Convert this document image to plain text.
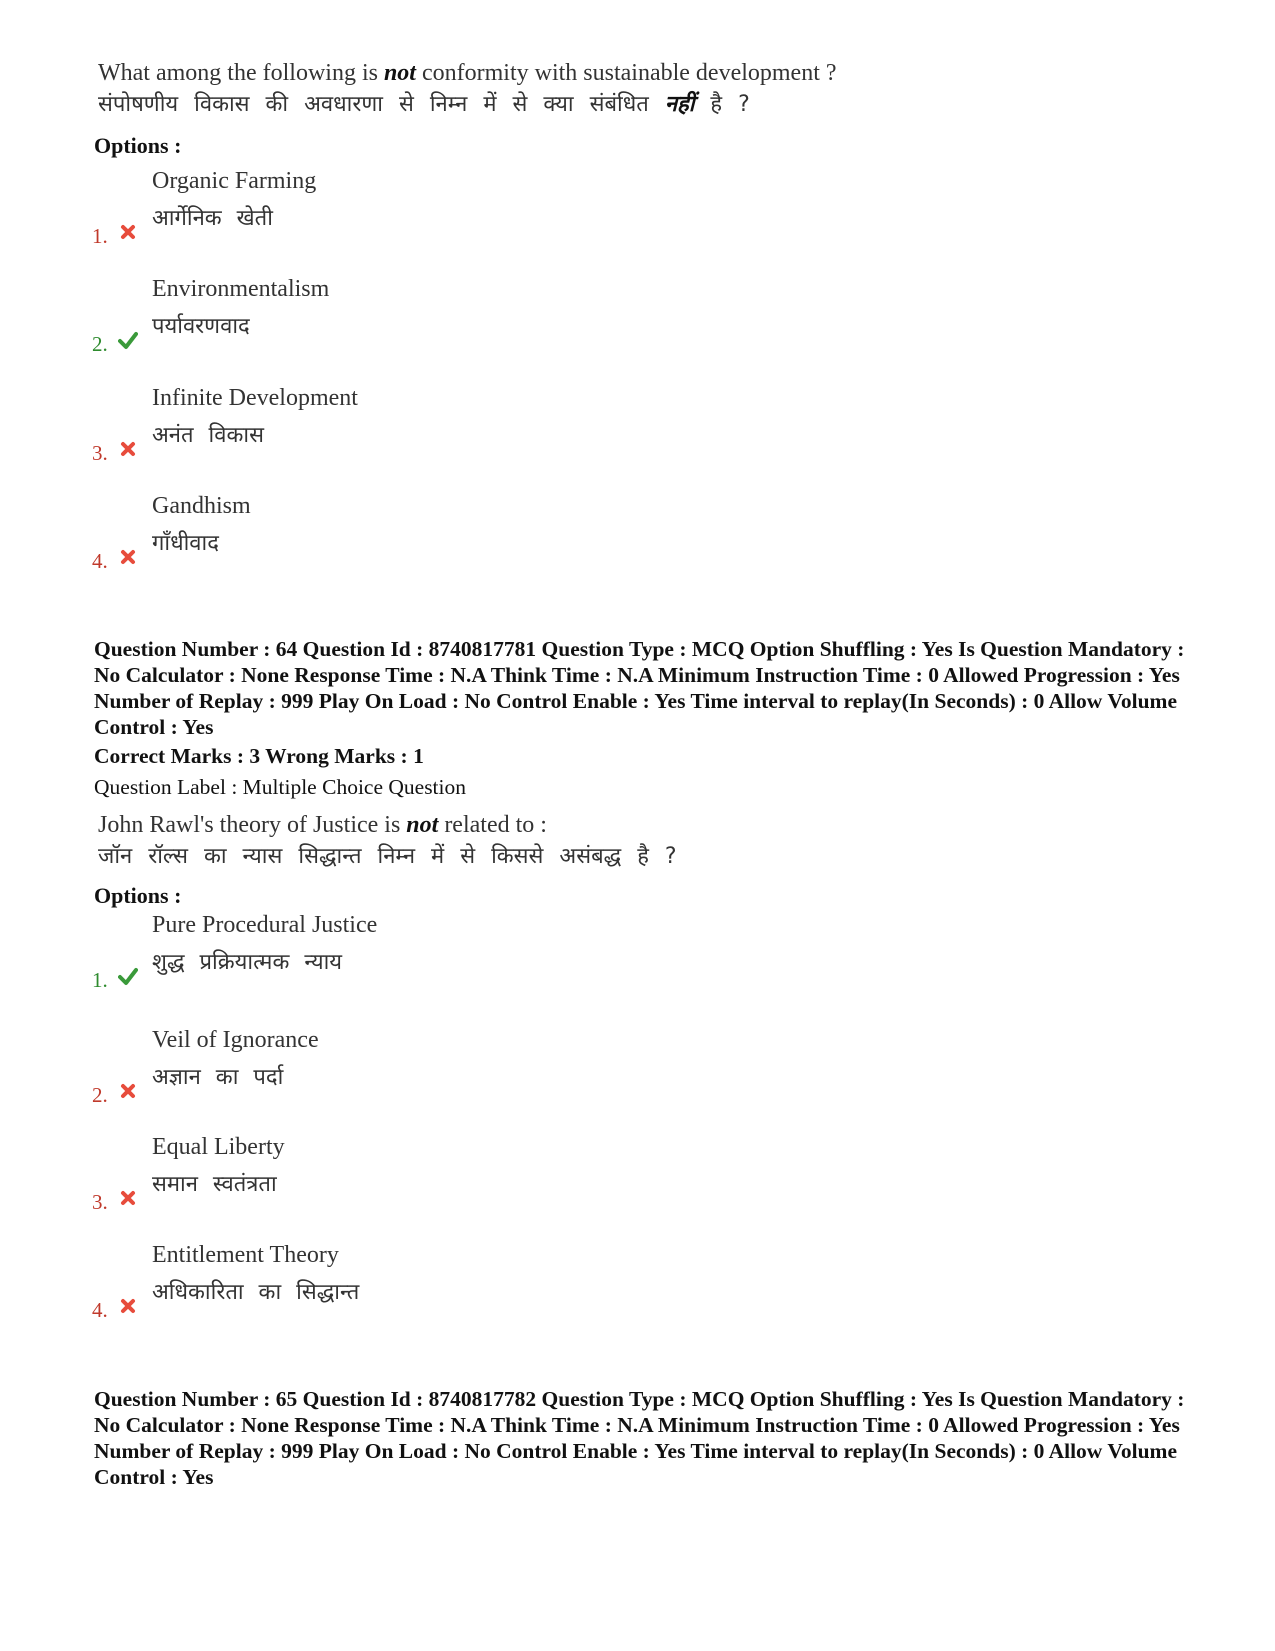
What among the following is not conformity with sustainable development ?
संपोषणीय विकास की अवधारणा से निम्न में से क्या संबंधित नहीं है ?
Options :
1.
Organic Farming
आर्गेनिक खेती
2.
Environmentalism
पर्यावरणवाद
3.
Infinite Development
अनंत विकास
4.
Gandhism
गाँधीवाद
Question Number : 64 Question Id : 8740817781 Question Type : MCQ Option Shuffling : Yes Is Question Mandatory : No Calculator : None Response Time : N.A Think Time : N.A Minimum Instruction Time : 0 Allowed Progression : Yes Number of Replay : 999 Play On Load : No Control Enable : Yes Time interval to replay(In Seconds) : 0 Allow Volume Control : Yes
Correct Marks : 3 Wrong Marks : 1
Question Label : Multiple Choice Question
John Rawl's theory of Justice is not related to :
जॉन रॉल्स का न्यास सिद्धान्त निम्न में से किससे असंबद्ध है ?
Options :
1.
Pure Procedural Justice
शुद्ध प्रक्रियात्मक न्याय
2.
Veil of Ignorance
अज्ञान का पर्दा
3.
Equal Liberty
समान स्वतंत्रता
4.
Entitlement Theory
अधिकारिता का सिद्धान्त
Question Number : 65 Question Id : 8740817782 Question Type : MCQ Option Shuffling : Yes Is Question Mandatory : No Calculator : None Response Time : N.A Think Time : N.A Minimum Instruction Time : 0 Allowed Progression : Yes Number of Replay : 999 Play On Load : No Control Enable : Yes Time interval to replay(In Seconds) : 0 Allow Volume Control : Yes
